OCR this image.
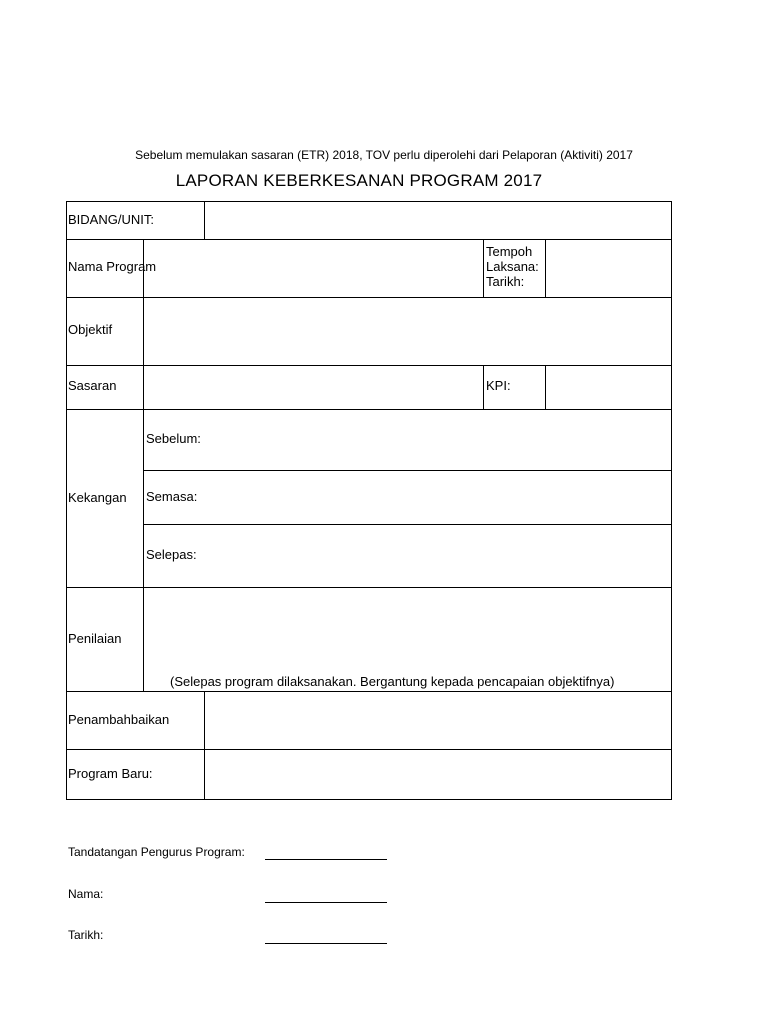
Sebelum memulakan sasaran (ETR) 2018, TOV perlu diperolehi dari Pelaporan (Aktiviti) 2017
LAPORAN KEBERKESANAN PROGRAM 2017
BIDANG/UNIT:
Nama Program
Tempoh
Laksana:
Tarikh:
Objektif
Sasaran	KPI:
Kekangan
Sebelum:
Semasa:
Selepas:
Penilaian
(Selepas program dilaksanakan. Bergantung kepada pencapaian objektifnya)
Penambahbaikan
Program Baru:
Tandatangan Pengurus Program:
Nama:
Tarikh:
